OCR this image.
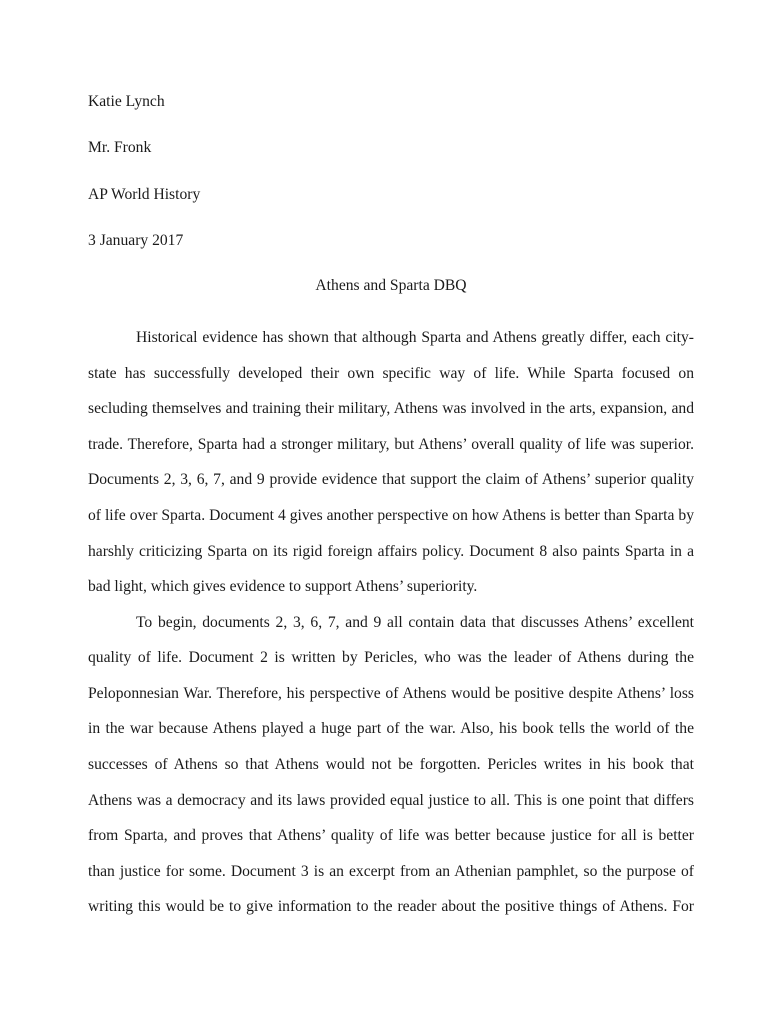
Katie Lynch
Mr. Fronk
AP World History
3 January 2017
Athens and Sparta DBQ
Historical evidence has shown that although Sparta and Athens greatly differ, each city-
state has successfully developed their own specific way of life. While Sparta focused on
secluding themselves and training their military, Athens was involved in the arts, expansion, and
trade. Therefore, Sparta had a stronger military, but Athens’ overall quality of life was superior.
Documents 2, 3, 6, 7, and 9 provide evidence that support the claim of Athens’ superior quality
of life over Sparta. Document 4 gives another perspective on how Athens is better than Sparta by
harshly criticizing Sparta on its rigid foreign affairs policy. Document 8 also paints Sparta in a
bad light, which gives evidence to support Athens’ superiority.
To begin, documents 2, 3, 6, 7, and 9 all contain data that discusses Athens’ excellent
quality of life. Document 2 is written by Pericles, who was the leader of Athens during the
Peloponnesian War. Therefore, his perspective of Athens would be positive despite Athens’ loss
in the war because Athens played a huge part of the war. Also, his book tells the world of the
successes of Athens so that Athens would not be forgotten. Pericles writes in his book that
Athens was a democracy and its laws provided equal justice to all. This is one point that differs
from Sparta, and proves that Athens’ quality of life was better because justice for all is better
than justice for some. Document 3 is an excerpt from an Athenian pamphlet, so the purpose of
writing this would be to give information to the reader about the positive things of Athens. For
